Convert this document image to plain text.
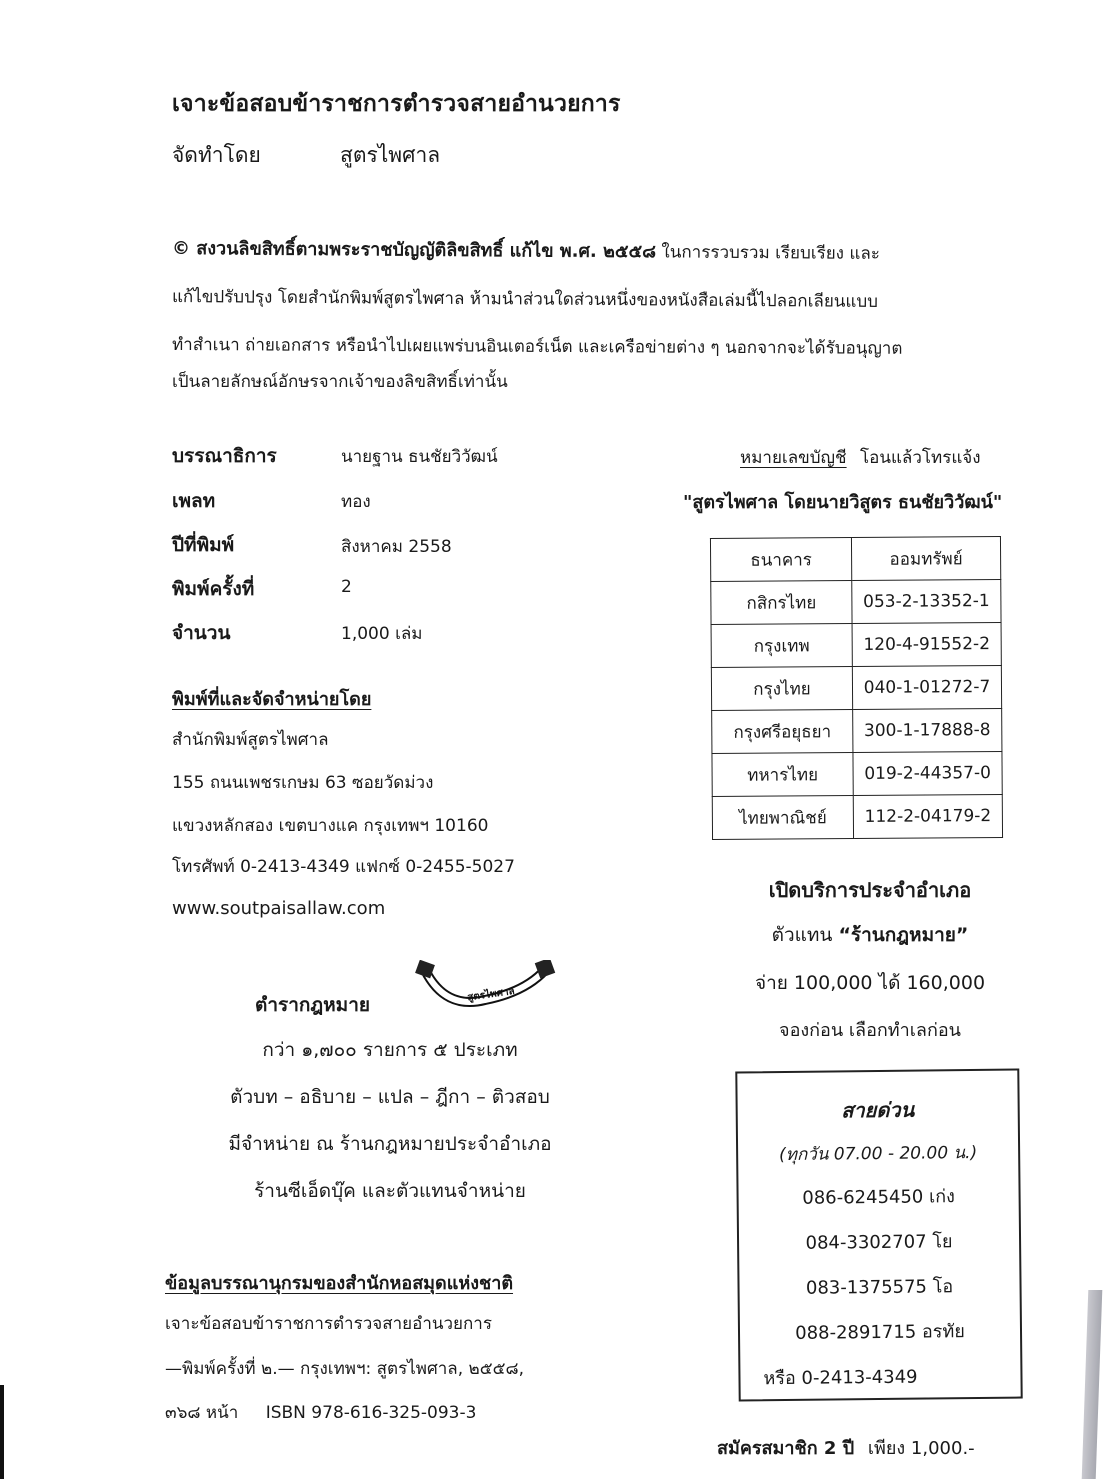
เจาะข้อสอบข้าราชการตำรวจสายอำนวยการ
จัดทำโดย	สูตรไพศาล
© สงวนลิขสิทธิ์ตามพระราชบัญญัติลิขสิทธิ์ แก้ไข พ.ศ. ๒๕๕๘ ในการรวบรวม เรียบเรียง และ
แก้ไขปรับปรุง โดยสำนักพิมพ์สูตรไพศาล ห้ามนำส่วนใดส่วนหนึ่งของหนังสือเล่มนี้ไปลอกเลียนแบบ
ทำสำเนา ถ่ายเอกสาร หรือนำไปเผยแพร่บนอินเตอร์เน็ต และเครือข่ายต่าง ๆ นอกจากจะได้รับอนุญาต
เป็นลายลักษณ์อักษรจากเจ้าของลิขสิทธิ์เท่านั้น
บรรณาธิการ	นายฐาน ธนชัยวิวัฒน์
เพลท	ทอง
ปีที่พิมพ์	สิงหาคม 2558
พิมพ์ครั้งที่	2
จำนวน	1,000 เล่ม
พิมพ์ที่และจัดจำหน่ายโดย
สำนักพิมพ์สูตรไพศาล
155 ถนนเพชรเกษม 63 ซอยวัดม่วง
แขวงหลักสอง เขตบางแค กรุงเทพฯ 10160
โทรศัพท์ 0-2413-4349 แฟกซ์ 0-2455-5027
www.soutpaisallaw.com
หมายเลขบัญชี โอนแล้วโทรแจ้ง
"สูตรไพศาล โดยนายวิสูตร ธนชัยวิวัฒน์"
ธนาคาร	ออมทรัพย์
กสิกรไทย	053-2-13352-1
กรุงเทพ	120-4-91552-2
กรุงไทย	040-1-01272-7
กรุงศรีอยุธยา	300-1-17888-8
ทหารไทย	019-2-44357-0
ไทยพาณิชย์	112-2-04179-2
เปิดบริการประจำอำเภอ
ตัวแทน “ร้านกฎหมาย”
จ่าย 100,000 ได้ 160,000
จองก่อน เลือกทำเลก่อน
ตำรากฎหมาย	สูตรไพศาล
กว่า ๑,๗๐๐ รายการ ๕ ประเภท
ตัวบท – อธิบาย – แปล – ฎีกา – ติวสอบ
มีจำหน่าย ณ ร้านกฎหมายประจำอำเภอ
ร้านซีเอ็ดบุ๊ค และตัวแทนจำหน่าย
สายด่วน
(ทุกวัน 07.00 - 20.00 น.)
086-6245450 เก่ง
084-3302707 โย
083-1375575 โอ
088-2891715 อรทัย
หรือ 0-2413-4349
ข้อมูลบรรณานุกรมของสำนักหอสมุดแห่งชาติ
เจาะข้อสอบข้าราชการตำรวจสายอำนวยการ
—พิมพ์ครั้งที่ ๒.— กรุงเทพฯ: สูตรไพศาล, ๒๕๕๘,
๓๖๘ หน้า ISBN 978-616-325-093-3
สมัครสมาชิก 2 ปี เพียง 1,000.-
